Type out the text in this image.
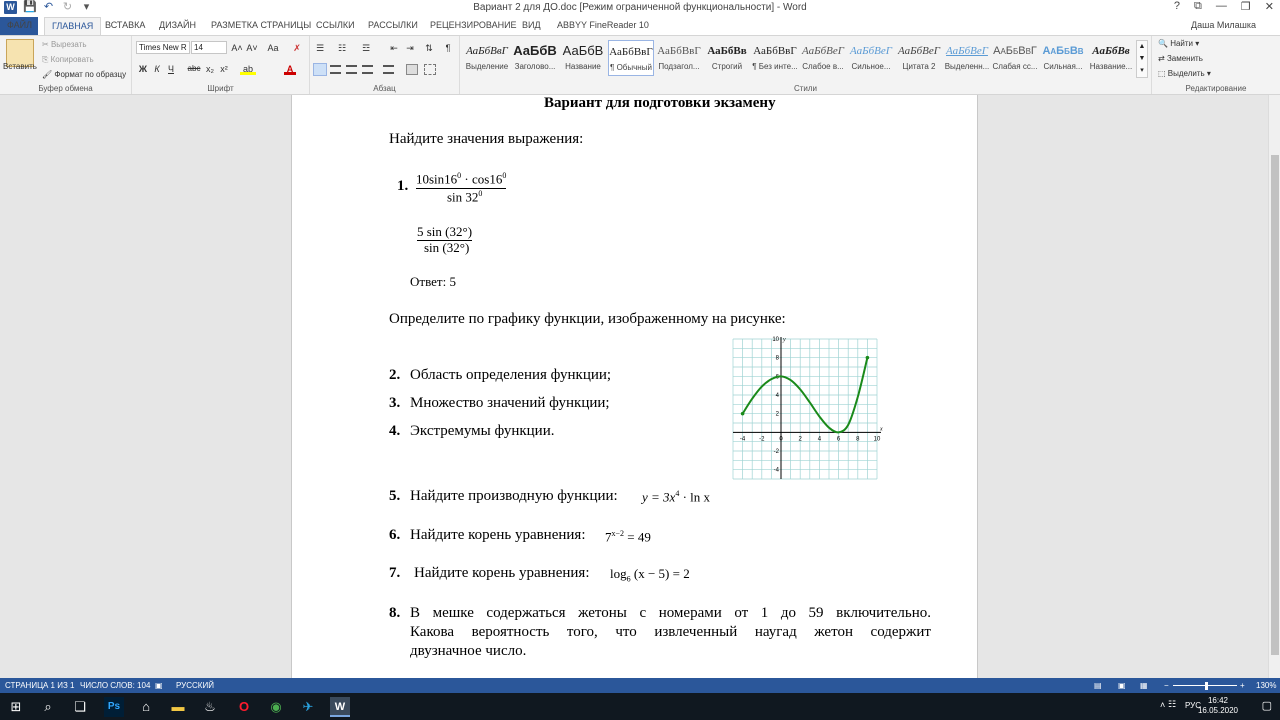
W 💾 ↶ ↻	▾	Вариант 2 для ДО.doc [Режим ограниченной функциональности] - Word	? ⧉ — ❐ ✕
ФАЙЛ	ГЛАВНАЯ	ВСТАВКА	ДИЗАЙН	РАЗМЕТКА СТРАНИЦЫ ССЫЛКИ	РАССЫЛКИ	РЕЦЕНЗИРОВАНИЕ ВИД	ABBYY FineReader 10	Даша Милашка
Вставить
✂ Вырезать
⎘ Копировать
🖌 Формат по образцу
Буфер обмена
Times New R 14	A˄ A˅ Aa ✗
Ж К Ч	abc x₂ x²	ab	A
Шрифт
☰ ☷ ☲ ⇤ ⇥ ⇅	¶
Абзац
АаБбВвГ
Выделение
АаБбВ
Заголово...
АаБбВ
Название
АаБбВвГ
¶ Обычный
АаБбВвГ
Подзагол...
АаБбВв
Строгий
АаБбВвГ
¶ Без инте...
АаБбВеГ
Слабое в...
АаБбВеГ
Сильное...
АаБбВеГ
Цитата 2
АаБбВеГ
Выделенн...
АаБбВвГ
Слабая сс...
АаБбВв
Сильная...
АаБбВв
Название...
▲
▼
▾
Стили
🔍 Найти ▾
⇄ Заменить
⬚ Выделить ▾
Редактирование
Вариант для подготовки экзамену
Найдите значения выражения:
1. $10\sin 16^0 \cdot \cos 16^0$
$\sin 32^0$
5 sin (32°)
sin (32°)
Ответ: 5
Определите по графику функции, изображенному на рисунке:
2. Область определения функции;
3. Множество значений функции;
4. Экстремумы функции.
-4 -2 0	2	4	6	8 10
10
8
6
4
2
-2
-4
x
y
5. Найдите производную функции: $y = 3x^4 \cdot \ln x$
6. Найдите корень уравнения: $7^{x-2} = 49$
7. Найдите корень уравнения: $\log_6 (x - 5) = 2$
8. В мешке содержаться жетоны с номерами от 1 до 59 включительно.
Какова вероятность того, что извлеченный наугад жетон содержит
двузначное число.
СТРАНИЦА 1 ИЗ 1 ЧИСЛО СЛОВ: 104 ▣ РУССКИЙ	▤ ▣ ▦ −	+ 130%
⊞	⌕	❏	Ps	⌂	▬	♨	O	◉	✈	W	˄ РУС
☷	16:42
16.05.2020 ▢
